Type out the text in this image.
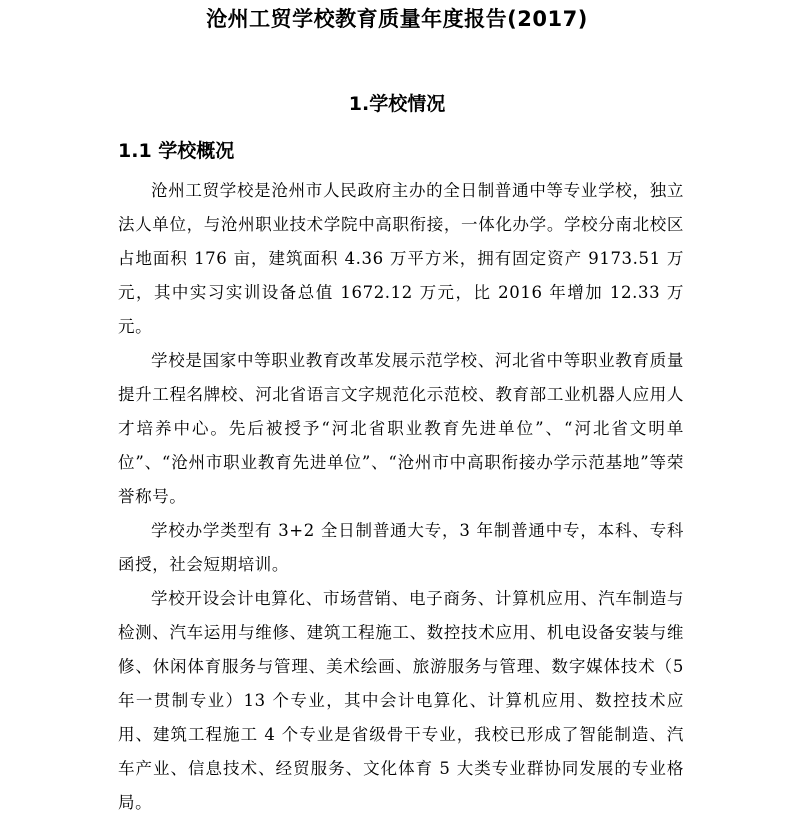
沧州工贸学校教育质量年度报告(2017)
1.学校情况
1.1 学校概况

沧州工贸学校是沧州市人民政府主办的全日制普通中等专业学校，独立法人单位，与沧州职业技术学院中高职衔接，一体化办学。学校分南北校区占地面积 176 亩，建筑面积 4.36 万平方米，拥有固定资产 9173.51 万元，其中实习实训设备总值 1672.12 万元，比 2016 年增加 12.33 万元。

学校是国家中等职业教育改革发展示范学校、河北省中等职业教育质量提升工程名牌校、河北省语言文字规范化示范校、教育部工业机器人应用人才培养中心。先后被授予“河北省职业教育先进单位”、“河北省文明单位”、“沧州市职业教育先进单位”、“沧州市中高职衔接办学示范基地”等荣誉称号。

学校办学类型有 3+2 全日制普通大专，3 年制普通中专，本科、专科函授，社会短期培训。

学校开设会计电算化、市场营销、电子商务、计算机应用、汽车制造与检测、汽车运用与维修、建筑工程施工、数控技术应用、机电设备安装与维修、休闲体育服务与管理、美术绘画、旅游服务与管理、数字媒体技术（5 年一贯制专业）13 个专业，其中会计电算化、计算机应用、数控技术应用、建筑工程施工 4 个专业是省级骨干专业，我校已形成了智能制造、汽车产业、信息技术、经贸服务、文化体育 5 大类专业群协同发展的专业格局。
